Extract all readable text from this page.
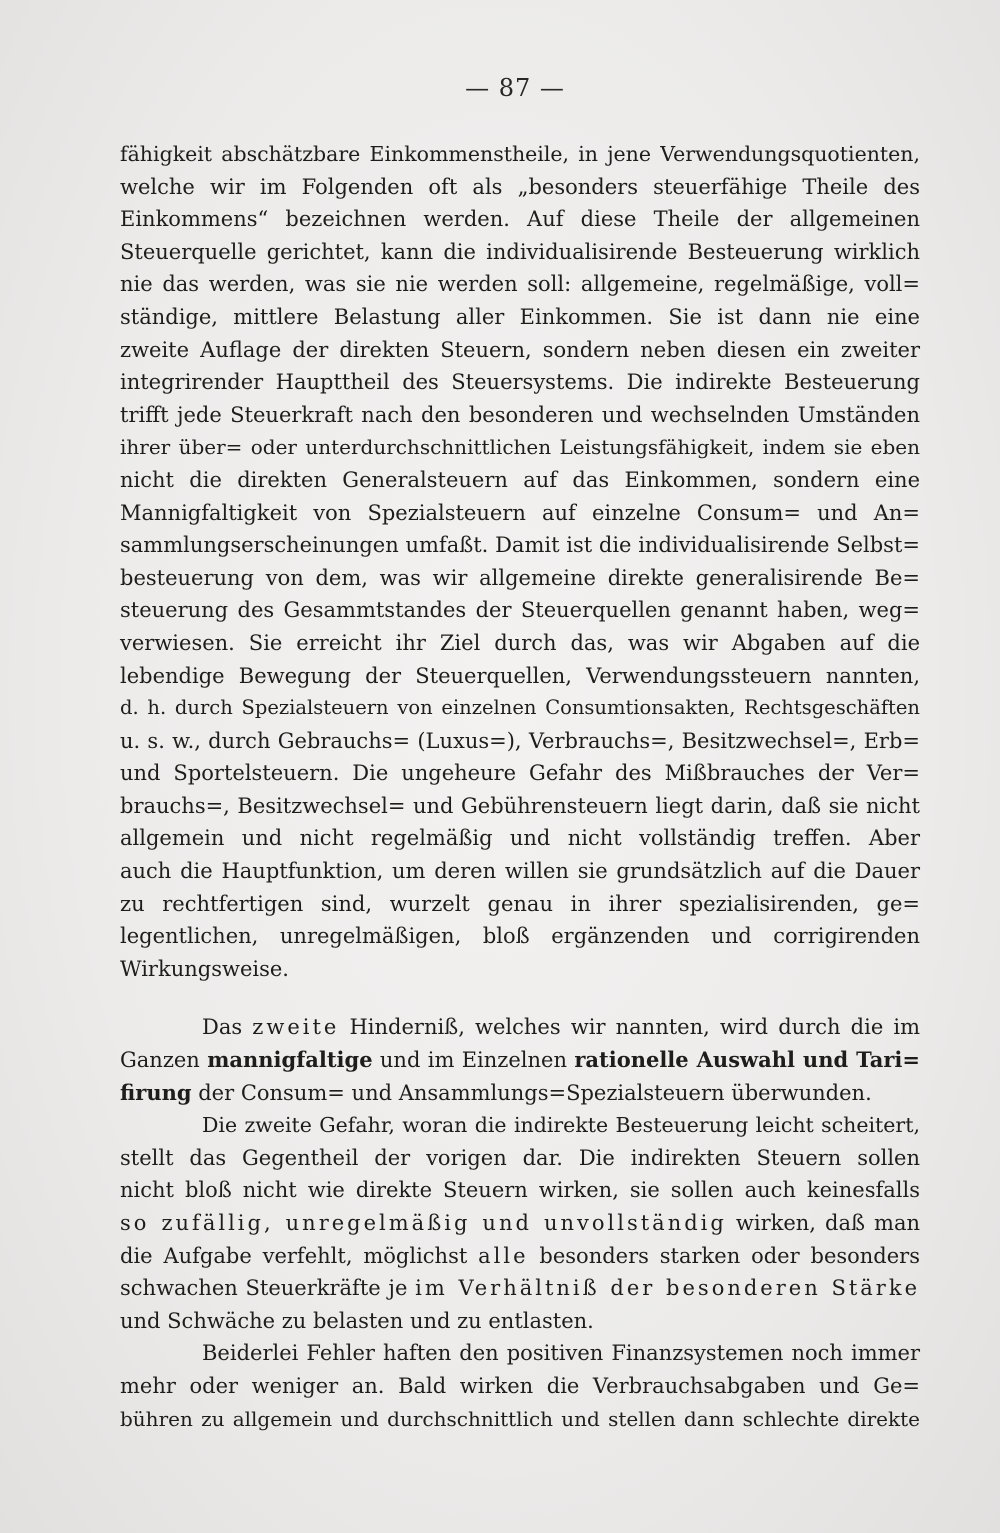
— 87 —
fähigkeit abschätzbare Einkommenstheile, in jene Verwendungsquotienten,
welche wir im Folgenden oft als „besonders steuerfähige Theile des
Einkommens“ bezeichnen werden. Auf diese Theile der allgemeinen
Steuerquelle gerichtet, kann die individualisirende Besteuerung wirklich
nie das werden, was sie nie werden soll: allgemeine, regelmäßige, voll=
ständige, mittlere Belastung aller Einkommen. Sie ist dann nie eine
zweite Auflage der direkten Steuern, sondern neben diesen ein zweiter
integrirender Haupttheil des Steuersystems. Die indirekte Besteuerung
trifft jede Steuerkraft nach den besonderen und wechselnden Umständen
ihrer über= oder unterdurchschnittlichen Leistungsfähigkeit, indem sie eben
nicht die direkten Generalsteuern auf das Einkommen, sondern eine
Mannigfaltigkeit von Spezialsteuern auf einzelne Consum= und An=
sammlungserscheinungen umfaßt. Damit ist die individualisirende Selbst=
besteuerung von dem, was wir allgemeine direkte generalisirende Be=
steuerung des Gesammtstandes der Steuerquellen genannt haben, weg=
verwiesen. Sie erreicht ihr Ziel durch das, was wir Abgaben auf die
lebendige Bewegung der Steuerquellen, Verwendungssteuern nannten,
d. h. durch Spezialsteuern von einzelnen Consumtionsakten, Rechtsgeschäften
u. s. w., durch Gebrauchs= (Luxus=), Verbrauchs=, Besitzwechsel=, Erb=
und Sportelsteuern. Die ungeheure Gefahr des Mißbrauches der Ver=
brauchs=, Besitzwechsel= und Gebührensteuern liegt darin, daß sie nicht
allgemein und nicht regelmäßig und nicht vollständig treffen. Aber
auch die Hauptfunktion, um deren willen sie grundsätzlich auf die Dauer
zu rechtfertigen sind, wurzelt genau in ihrer spezialisirenden, ge=
legentlichen, unregelmäßigen, bloß ergänzenden und corrigirenden
Wirkungsweise.
Das zweite Hinderniß, welches wir nannten, wird durch die im
Ganzen mannigfaltige und im Einzelnen rationelle Auswahl und Tari=
firung der Consum= und Ansammlungs=Spezialsteuern überwunden.
Die zweite Gefahr, woran die indirekte Besteuerung leicht scheitert,
stellt das Gegentheil der vorigen dar. Die indirekten Steuern sollen
nicht bloß nicht wie direkte Steuern wirken, sie sollen auch keinesfalls
so zufällig, unregelmäßig und unvollständig wirken, daß man
die Aufgabe verfehlt, möglichst alle besonders starken oder besonders
schwachen Steuerkräfte je im Verhältniß der besonderen Stärke
und Schwäche zu belasten und zu entlasten.
Beiderlei Fehler haften den positiven Finanzsystemen noch immer
mehr oder weniger an. Bald wirken die Verbrauchsabgaben und Ge=
bühren zu allgemein und durchschnittlich und stellen dann schlechte direkte
